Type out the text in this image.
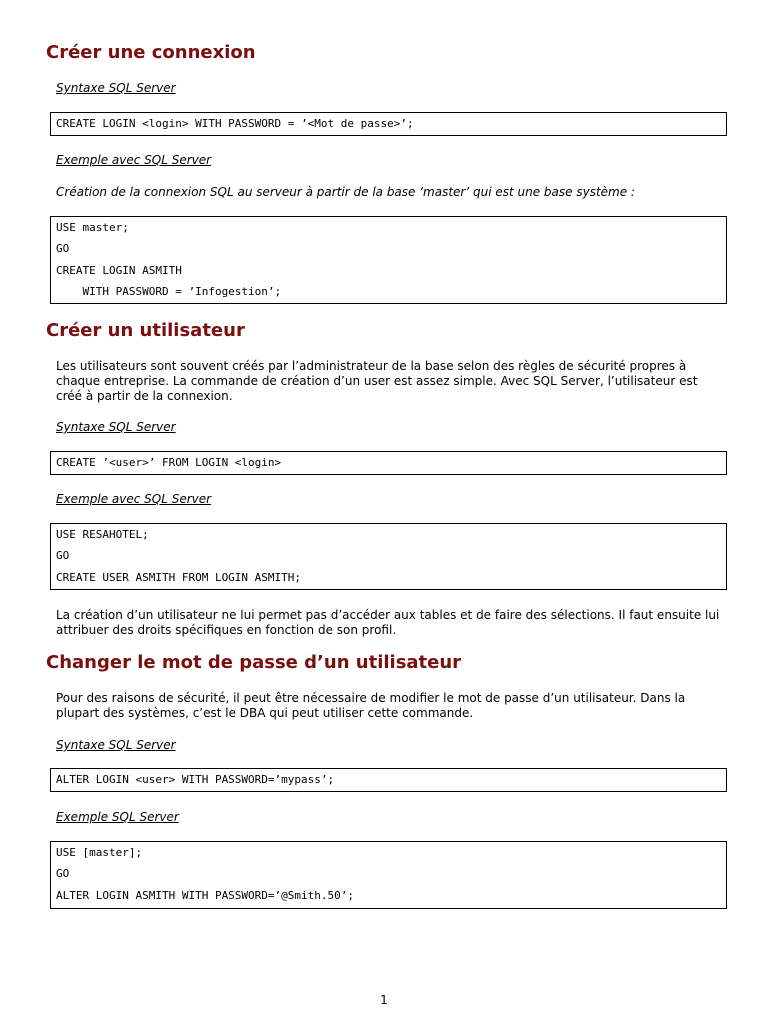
Créer une connexion
Syntaxe SQL Server
CREATE LOGIN <login> WITH PASSWORD = ’<Mot de passe>’;
Exemple avec SQL Server
Création de la connexion SQL au serveur à partir de la base ‘master’ qui est une base système :
USE master;
GO
CREATE LOGIN ASMITH
WITH PASSWORD = ’Infogestion’;
Créer un utilisateur
Les utilisateurs sont souvent créés par l’administrateur de la base selon des règles de sécurité propres à chaque entreprise. La commande de création d’un user est assez simple. Avec SQL Server, l’utilisateur est créé à partir de la connexion.
Syntaxe SQL Server
CREATE ’<user>’ FROM LOGIN <login>
Exemple avec SQL Server
USE RESAHOTEL;
GO
CREATE USER ASMITH FROM LOGIN ASMITH;
La création d’un utilisateur ne lui permet pas d’accéder aux tables et de faire des sélections. Il faut ensuite lui attribuer des droits spécifiques en fonction de son profil.
Changer le mot de passe d’un utilisateur
Pour des raisons de sécurité, il peut être nécessaire de modifier le mot de passe d’un utilisateur. Dans la plupart des systèmes, c’est le DBA qui peut utiliser cette commande.
Syntaxe SQL Server
ALTER LOGIN <user> WITH PASSWORD=’mypass’;
Exemple SQL Server
USE [master];
GO
ALTER LOGIN ASMITH WITH PASSWORD=’@Smith.50’;
1
